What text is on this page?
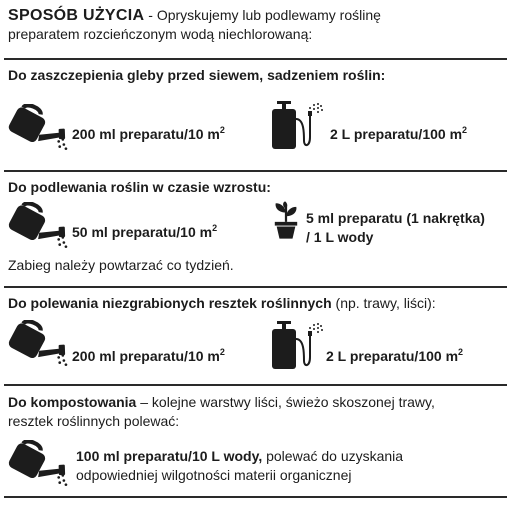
SPOSÓB UŻYCIA - Opryskujemy lub podlewamy roślinę
preparatem rozcieńczonym wodą niechlorowaną:
Do zaszczepienia gleby przed siewem, sadzeniem roślin:
200 ml preparatu/10 $m^2$	2 L preparatu/100 $m^2$
Do podlewania roślin w czasie wzrostu:
50 ml preparatu/10 $m^2$
5 ml preparatu (1 nakrętka)
/ 1 L wody
Zabieg należy powtarzać co tydzień.
Do polewania niezgrabionych resztek roślinnych (np. trawy, liści):
200 ml preparatu/10 $m^2$	2 L preparatu/100 $m^2$
Do kompostowania – kolejne warstwy liści, świeżo skoszonej trawy,
resztek roślinnych polewać:
100 ml preparatu/10 L wody, polewać do uzyskania
odpowiedniej wilgotności materii organicznej
